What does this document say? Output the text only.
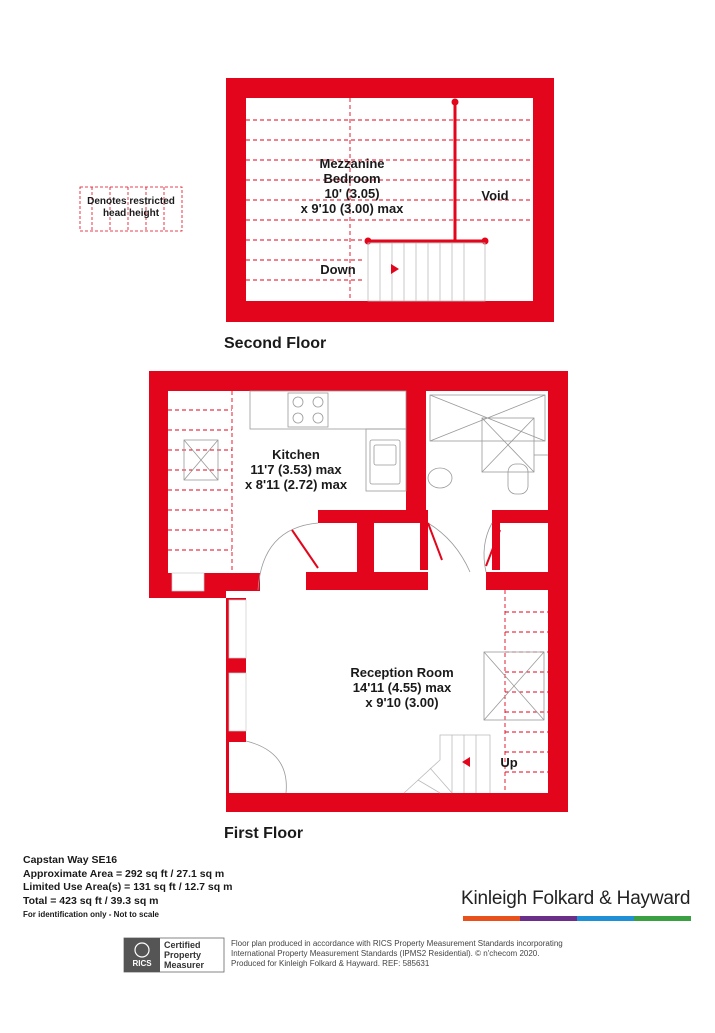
Denotes restricted head height
Mezzanine
Bedroom
10' (3.05)
x 9'10 (3.00) max
Void
Down
Second Floor
Kitchen
11'7 (3.53) max
x 8'11 (2.72) max
Reception Room
14'11 (4.55) max
x 9'10 (3.00)
Up
First Floor
Capstan Way SE16
Approximate Area = 292 sq ft / 27.1 sq m
Limited Use Area(s) = 131 sq ft / 12.7 sq m
Total = 423 sq ft / 39.3 sq m
For identification only - Not to scale
Kinleigh Folkard & Hayward
RICS
Certified
Property
Measurer
Floor plan produced in accordance with RICS Property Measurement Standards incorporating
International Property Measurement Standards (IPMS2 Residential). © n'checom 2020.
Produced for Kinleigh Folkard & Hayward. REF: 585631
